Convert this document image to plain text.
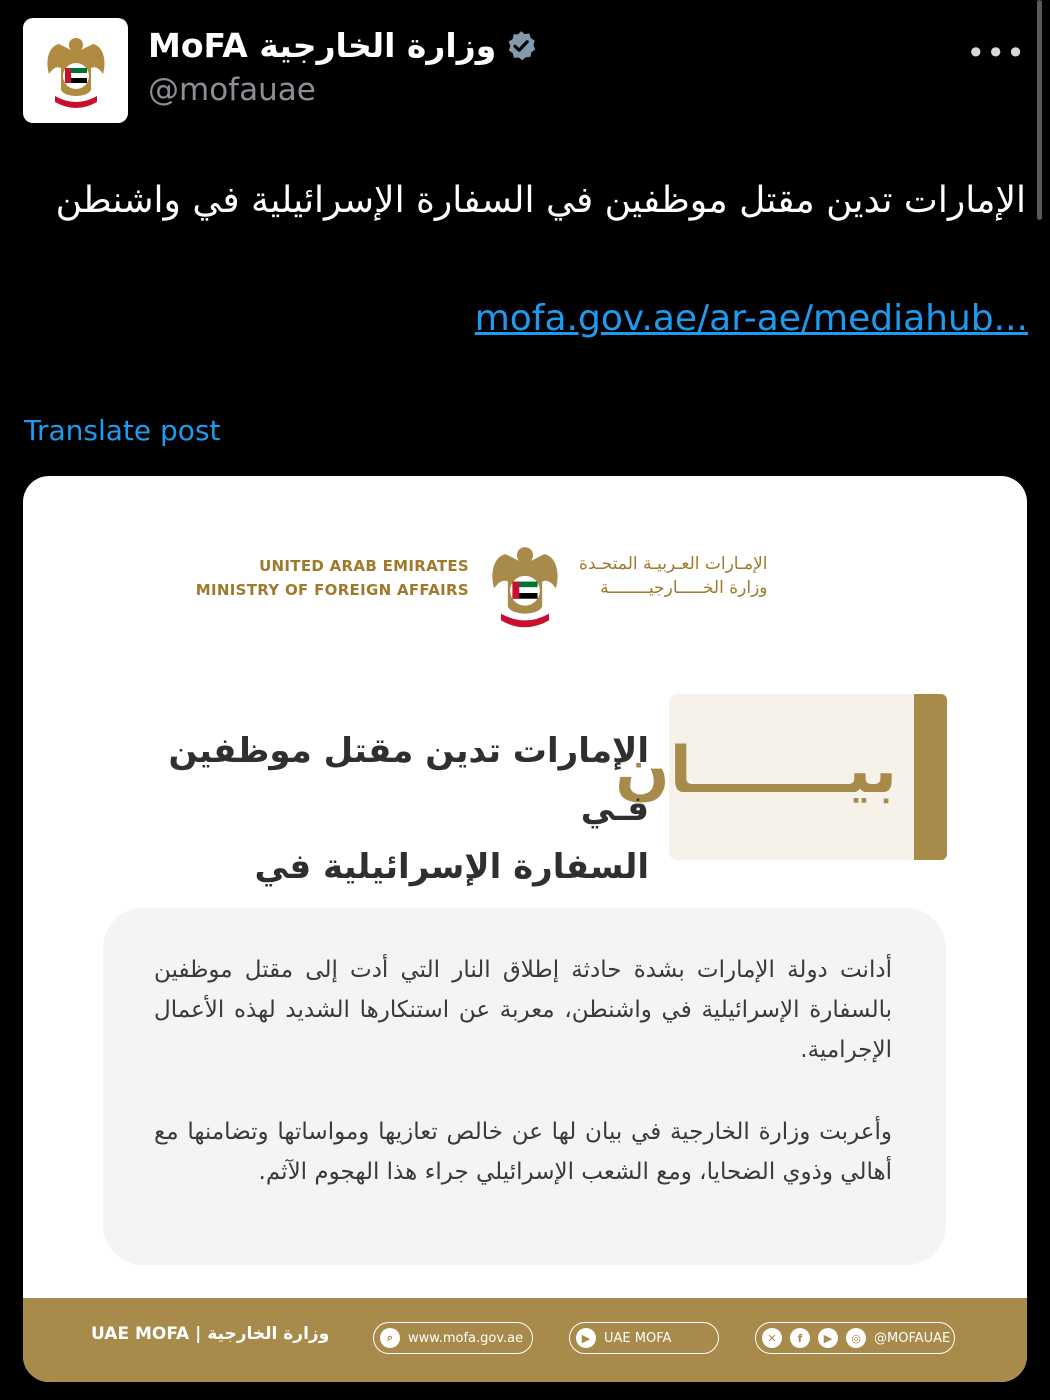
MoFA وزارة الخارجية
@mofauae
•••
الإمارات تدين مقتل موظفين في السفارة الإسرائيلية في واشنطن
mofa.gov.ae/ar-ae/mediahub...
Translate post
UNITED ARAB EMIRATES
MINISTRY OF FOREIGN AFFAIRS
الإمـارات العـربيـة المتحـدة
وزارة الخـــــارجيــــــــة
بيـــــــان
الإمارات تدين مقتل موظفين فـي
السفارة الإسرائيلية في
أدانت دولة الإمارات بشدة حادثة إطلاق النار التي أدت إلى مقتل موظفين بالسفارة الإسرائيلية في واشنطن، معربة عن استنكارها الشديد لهذه الأعمال الإجرامية.
وأعربت وزارة الخارجية في بيان لها عن خالص تعازيها ومواساتها وتضامنها مع أهالي وذوي الضحايا، ومع الشعب الإسرائيلي جراء هذا الهجوم الآثم.
UAE MOFA | وزارة الخارجية	⌕	www.mofa.gov.ae	▶	UAE MOFA	✕	f	▶	◎	@MOFAUAE
